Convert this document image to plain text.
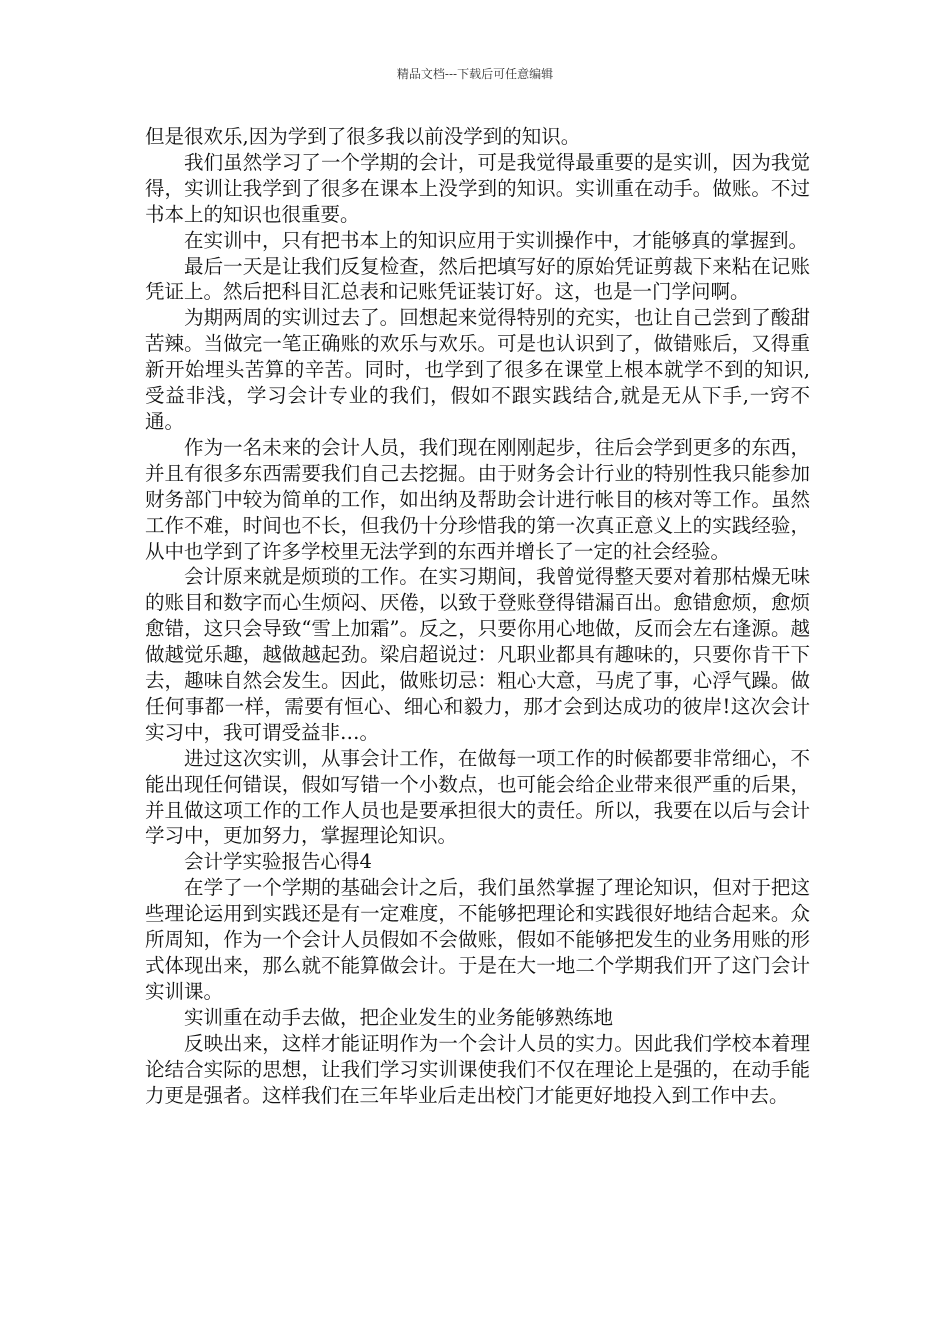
精品文档---下载后可任意编辑

但是很欢乐,因为学到了很多我以前没学到的知识。

我们虽然学习了一个学期的会计，可是我觉得最重要的是实训，因为我觉得，实训让我学到了很多在课本上没学到的知识。实训重在动手。做账。不过书本上的知识也很重要。

在实训中，只有把书本上的知识应用于实训操作中，才能够真的掌握到。

最后一天是让我们反复检查，然后把填写好的原始凭证剪裁下来粘在记账凭证上。然后把科目汇总表和记账凭证装订好。这，也是一门学问啊。

为期两周的实训过去了。回想起来觉得特别的充实，也让自己尝到了酸甜苦辣。当做完一笔正确账的欢乐与欢乐。可是也认识到了，做错账后，又得重新开始埋头苦算的辛苦。同时，也学到了很多在课堂上根本就学不到的知识,受益非浅，学习会计专业的我们，假如不跟实践结合,就是无从下手,一窍不通。

作为一名未来的会计人员，我们现在刚刚起步，往后会学到更多的东西，并且有很多东西需要我们自己去挖掘。由于财务会计行业的特别性我只能参加财务部门中较为简单的工作，如出纳及帮助会计进行帐目的核对等工作。虽然工作不难，时间也不长，但我仍十分珍惜我的第一次真正意义上的实践经验，从中也学到了许多学校里无法学到的东西并增长了一定的社会经验。

会计原来就是烦琐的工作。在实习期间，我曾觉得整天要对着那枯燥无味的账目和数字而心生烦闷、厌倦，以致于登账登得错漏百出。愈错愈烦，愈烦愈错，这只会导致“雪上加霜”。反之，只要你用心地做，反而会左右逢源。越做越觉乐趣，越做越起劲。梁启超说过：凡职业都具有趣味的，只要你肯干下去，趣味自然会发生。因此，做账切忌：粗心大意，马虎了事，心浮气躁。做任何事都一样，需要有恒心、细心和毅力，那才会到达成功的彼岸!这次会计实习中，我可谓受益非…。

进过这次实训，从事会计工作，在做每一项工作的时候都要非常细心，不能出现任何错误，假如写错一个小数点，也可能会给企业带来很严重的后果，并且做这项工作的工作人员也是要承担很大的责任。所以，我要在以后与会计学习中，更加努力，掌握理论知识。

会计学实验报告心得4

在学了一个学期的基础会计之后，我们虽然掌握了理论知识，但对于把这些理论运用到实践还是有一定难度，不能够把理论和实践很好地结合起来。众所周知，作为一个会计人员假如不会做账，假如不能够把发生的业务用账的形式体现出来，那么就不能算做会计。于是在大一地二个学期我们开了这门会计实训课。

实训重在动手去做，把企业发生的业务能够熟练地

反映出来，这样才能证明作为一个会计人员的实力。因此我们学校本着理论结合实际的思想，让我们学习实训课使我们不仅在理论上是强的，在动手能力更是强者。这样我们在三年毕业后走出校门才能更好地投入到工作中去。
